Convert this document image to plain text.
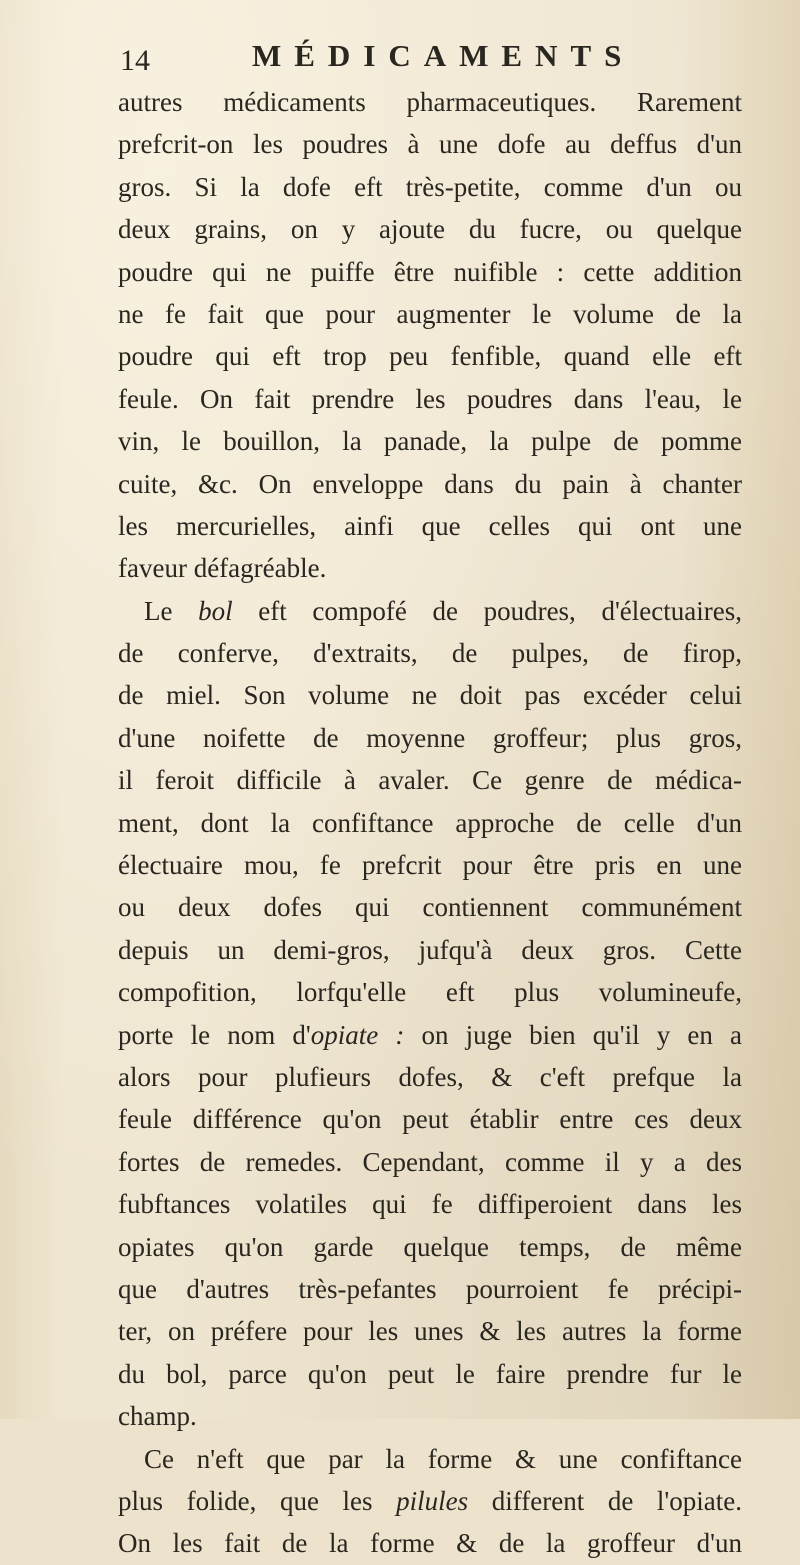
14	MÉDICAMENTS
autres médicaments pharmaceutiques. Rarement
prefcrit-on les poudres à une dofe au deffus d'un
gros. Si la dofe eft très-petite, comme d'un ou
deux grains, on y ajoute du fucre, ou quelque
poudre qui ne puiffe être nuifible : cette addition
ne fe fait que pour augmenter le volume de la
poudre qui eft trop peu fenfible, quand elle eft
feule. On fait prendre les poudres dans l'eau, le
vin, le bouillon, la panade, la pulpe de pomme
cuite, &c. On enveloppe dans du pain à chanter
les mercurielles, ainfi que celles qui ont une
faveur défagréable.
Le bol eft compofé de poudres, d'électuaires,
de conferve, d'extraits, de pulpes, de firop,
de miel. Son volume ne doit pas excéder celui
d'une noifette de moyenne groffeur; plus gros,
il feroit difficile à avaler. Ce genre de médica-
ment, dont la confiftance approche de celle d'un
électuaire mou, fe prefcrit pour être pris en une
ou deux dofes qui contiennent communément
depuis un demi-gros, jufqu'à deux gros. Cette
compofition, lorfqu'elle eft plus volumineufe,
porte le nom d'opiate : on juge bien qu'il y en a
alors pour plufieurs dofes, & c'eft prefque la
feule différence qu'on peut établir entre ces deux
fortes de remedes. Cependant, comme il y a des
fubftances volatiles qui fe diffiperoient dans les
opiates qu'on garde quelque temps, de même
que d'autres très-pefantes pourroient fe précipi-
ter, on préfere pour les unes & les autres la forme
du bol, parce qu'on peut le faire prendre fur le
champ.
Ce n'eft que par la forme & une confiftance
plus folide, que les pilules different de l'opiate.
On les fait de la forme & de la groffeur d'un
